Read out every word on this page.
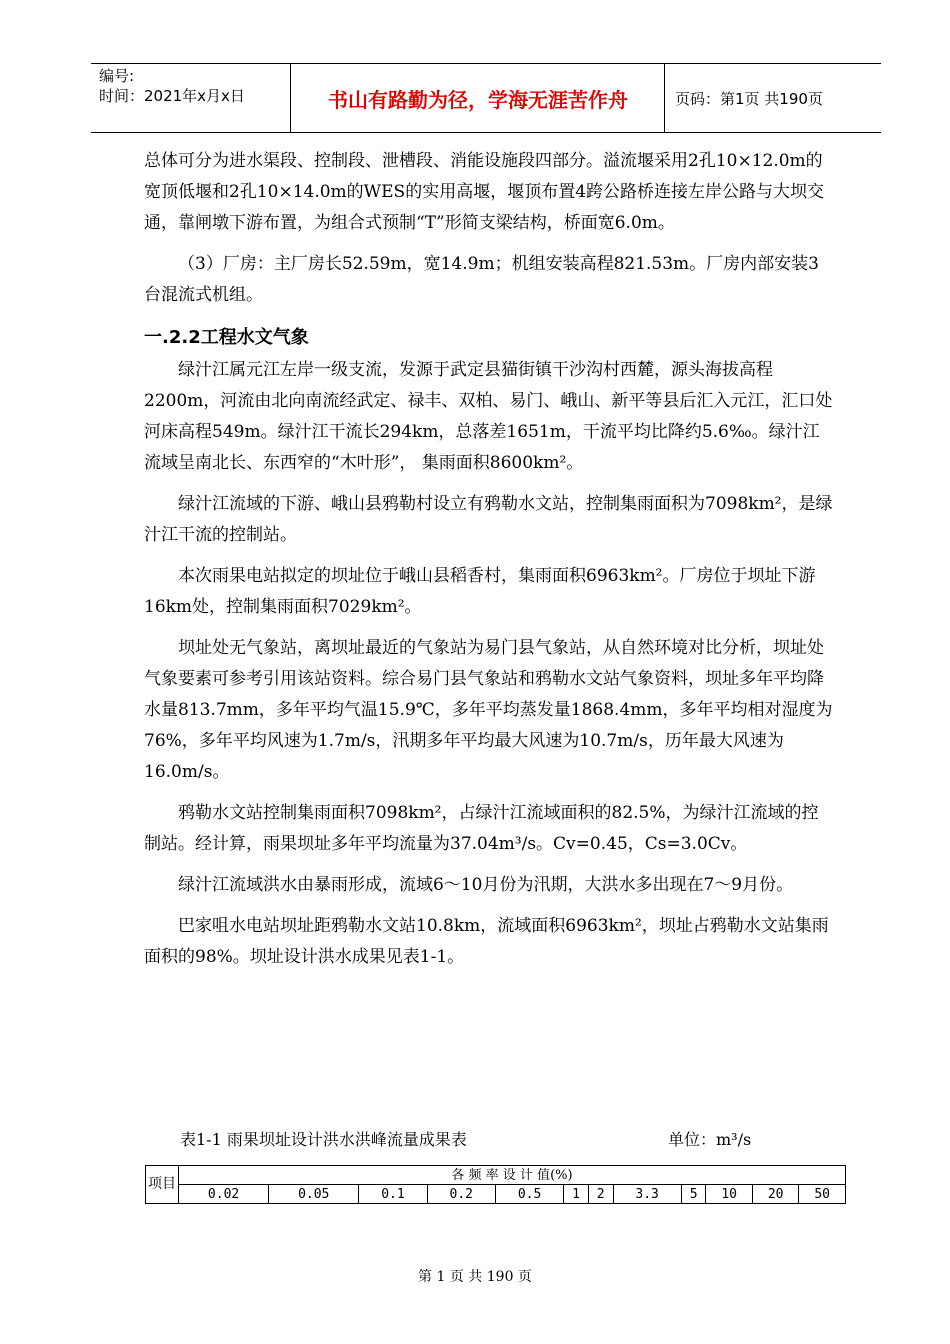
编号:
时间：2021年x月x日	书山有路勤为径，学海无涯苦作舟	页码：第1页 共190页

总体可分为进水渠段、控制段、泄槽段、消能设施段四部分。溢流堰采用2孔10×12.0m的宽顶低堰和2孔10×14.0m的WES的实用高堰，堰顶布置4跨公路桥连接左岸公路与大坝交通，靠闸墩下游布置，为组合式预制“T”形简支梁结构，桥面宽6.0m。

（3）厂房：主厂房长52.59m，宽14.9m；机组安装高程821.53m。厂房内部安装3台混流式机组。

一.2.2工程水文气象

绿汁江属元江左岸一级支流，发源于武定县猫街镇干沙沟村西麓，源头海拔高程2200m，河流由北向南流经武定、禄丰、双柏、易门、峨山、新平等县后汇入元江，汇口处河床高程549m。绿汁江干流长294km，总落差1651m，干流平均比降约5.6‰。绿汁江流域呈南北长、东西窄的“木叶形”， 集雨面积8600km²。

绿汁江流域的下游、峨山县鸦勒村设立有鸦勒水文站，控制集雨面积为7098km²，是绿汁江干流的控制站。

本次雨果电站拟定的坝址位于峨山县稻香村，集雨面积6963km²。厂房位于坝址下游16km处，控制集雨面积7029km²。

坝址处无气象站，离坝址最近的气象站为易门县气象站，从自然环境对比分析，坝址处气象要素可参考引用该站资料。综合易门县气象站和鸦勒水文站气象资料，坝址多年平均降水量813.7mm，多年平均气温15.9℃，多年平均蒸发量1868.4mm，多年平均相对湿度为76%，多年平均风速为1.7m/s，汛期多年平均最大风速为10.7m/s，历年最大风速为16.0m/s。

鸦勒水文站控制集雨面积7098km²，占绿汁江流域面积的82.5%，为绿汁江流域的控制站。经计算，雨果坝址多年平均流量为37.04m³/s。Cv=0.45，Cs=3.0Cv。

绿汁江流域洪水由暴雨形成，流域6～10月份为汛期，大洪水多出现在7～9月份。

巴家咀水电站坝址距鸦勒水文站10.8km，流域面积6963km²，坝址占鸦勒水文站集雨面积的98%。坝址设计洪水成果见表1-1。

表1-1 雨果坝址设计洪水洪峰流量成果表	单位：m³/s
项目	各 频 率 设 计 值(%)											
	0.02	0.05	0.1	0.2	0.5	1	2	3.3	5	10	20	50
第 1 页 共 190 页
